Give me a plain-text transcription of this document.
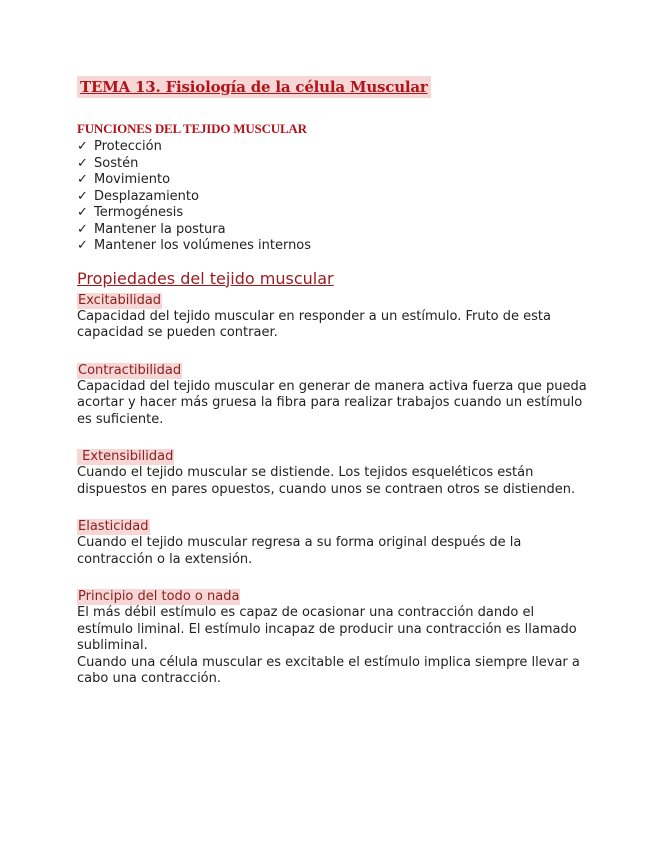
TEMA 13. Fisiología de la célula Muscular
FUNCIONES DEL TEJIDO MUSCULAR
✓ Protección
✓ Sostén
✓ Movimiento
✓ Desplazamiento
✓ Termogénesis
✓ Mantener la postura
✓ Mantener los volúmenes internos
Propiedades del tejido muscular
Excitabilidad

Capacidad del tejido muscular en responder a un estímulo. Fruto de esta capacidad se pueden contraer.

Contractibilidad

Capacidad del tejido muscular en generar de manera activa fuerza que pueda acortar y hacer más gruesa la fibra para realizar trabajos cuando un estímulo es suficiente.

Extensibilidad

Cuando el tejido muscular se distiende. Los tejidos esqueléticos están dispuestos en pares opuestos, cuando unos se contraen otros se distienden.

Elasticidad

Cuando el tejido muscular regresa a su forma original después de la contracción o la extensión.

Principio del todo o nada

El más débil estímulo es capaz de ocasionar una contracción dando el estímulo liminal. El estímulo incapaz de producir una contracción es llamado subliminal.

Cuando una célula muscular es excitable el estímulo implica siempre llevar a cabo una contracción.
